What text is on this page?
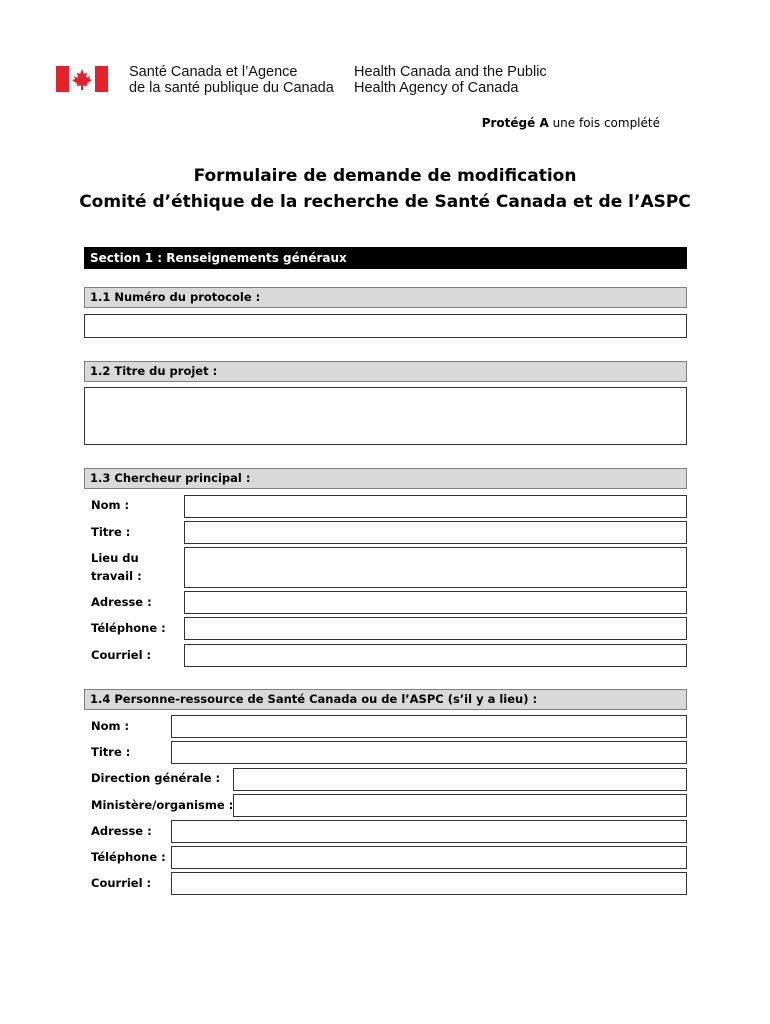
Santé Canada et l’Agence
de la santé publique du Canada
Health Canada and the Public
Health Agency of Canada
Protégé A une fois complété
Formulaire de demande de modification
Comité d’éthique de la recherche de Santé Canada et de l’ASPC
Section 1 : Renseignements généraux
1.1 Numéro du protocole :
1.2 Titre du projet :
1.3 Chercheur principal :
Nom :
Titre :
Lieu du
travail :
Adresse :
Téléphone :
Courriel :
1.4 Personne-ressource de Santé Canada ou de l’ASPC (s’il y a lieu) :
Nom :
Titre :
Direction générale :
Ministère/organisme :
Adresse :
Téléphone :
Courriel :
